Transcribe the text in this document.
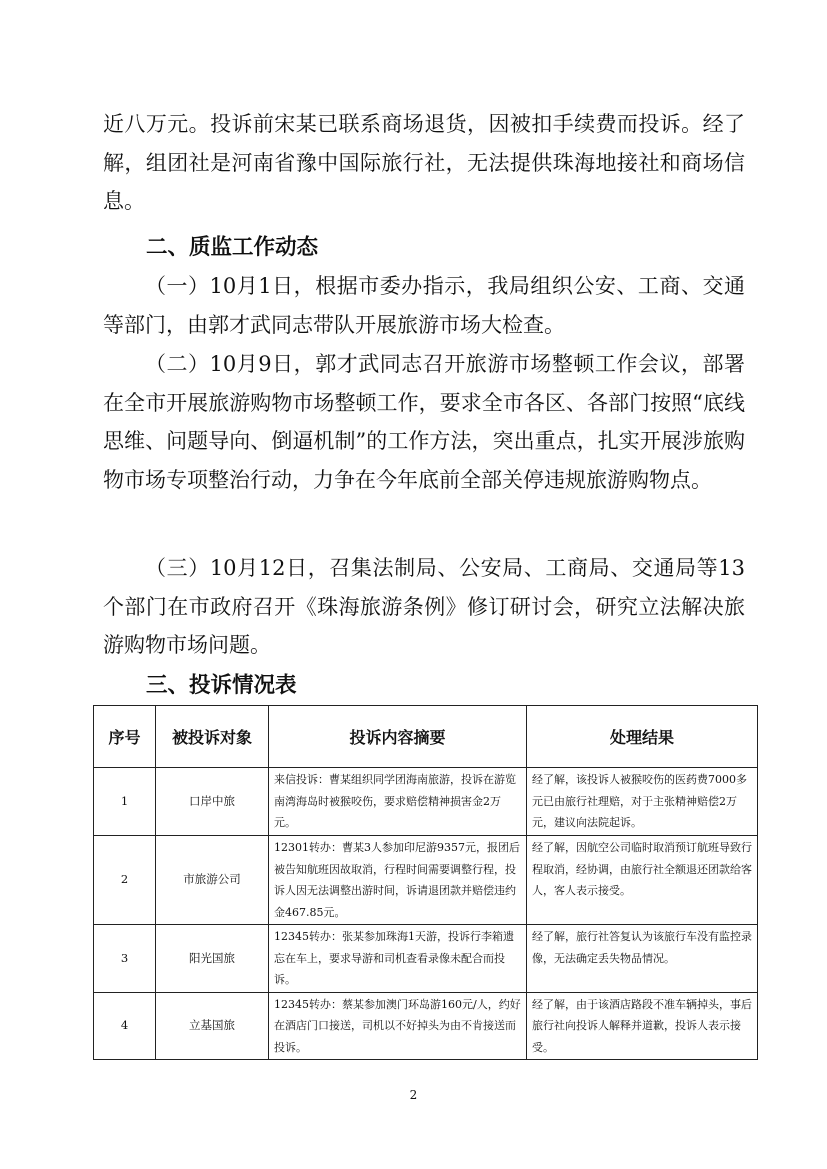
近八万元。投诉前宋某已联系商场退货，因被扣手续费而投诉。经了解，组团社是河南省豫中国际旅行社，无法提供珠海地接社和商场信息。

二、质监工作动态

（一）10月1日，根据市委办指示，我局组织公安、工商、交通等部门，由郭才武同志带队开展旅游市场大检查。

（二）10月9日，郭才武同志召开旅游市场整顿工作会议，部署在全市开展旅游购物市场整顿工作，要求全市各区、各部门按照“底线思维、问题导向、倒逼机制”的工作方法，突出重点，扎实开展涉旅购物市场专项整治行动，力争在今年底前全部关停违规旅游购物点。

（三）10月12日，召集法制局、公安局、工商局、交通局等13个部门在市政府召开《珠海旅游条例》修订研讨会，研究立法解决旅游购物市场问题。

三、投诉情况表
序号	被投诉对象	投诉内容摘要	处理结果
1	口岸中旅	来信投诉：曹某组织同学团海南旅游，投诉在游览南湾海岛时被猴咬伤，要求赔偿精神损害金2万元。	经了解，该投诉人被猴咬伤的医药费7000多元已由旅行社理赔，对于主张精神赔偿2万元，建议向法院起诉。
2	市旅游公司	12301转办：曹某3人参加印尼游9357元，报团后被告知航班因故取消，行程时间需要调整行程，投诉人因无法调整出游时间，诉请退团款并赔偿违约金467.85元。	经了解，因航空公司临时取消预订航班导致行程取消，经协调，由旅行社全额退还团款给客人，客人表示接受。
3	阳光国旅	12345转办：张某参加珠海1天游，投诉行李箱遗忘在车上，要求导游和司机查看录像未配合而投诉。	经了解，旅行社答复认为该旅行车没有监控录像，无法确定丢失物品情况。
4	立基国旅	12345转办：蔡某参加澳门环岛游160元/人，约好在酒店门口接送，司机以不好掉头为由不肯接送而投诉。	经了解，由于该酒店路段不准车辆掉头，事后旅行社向投诉人解释并道歉，投诉人表示接受。
2
